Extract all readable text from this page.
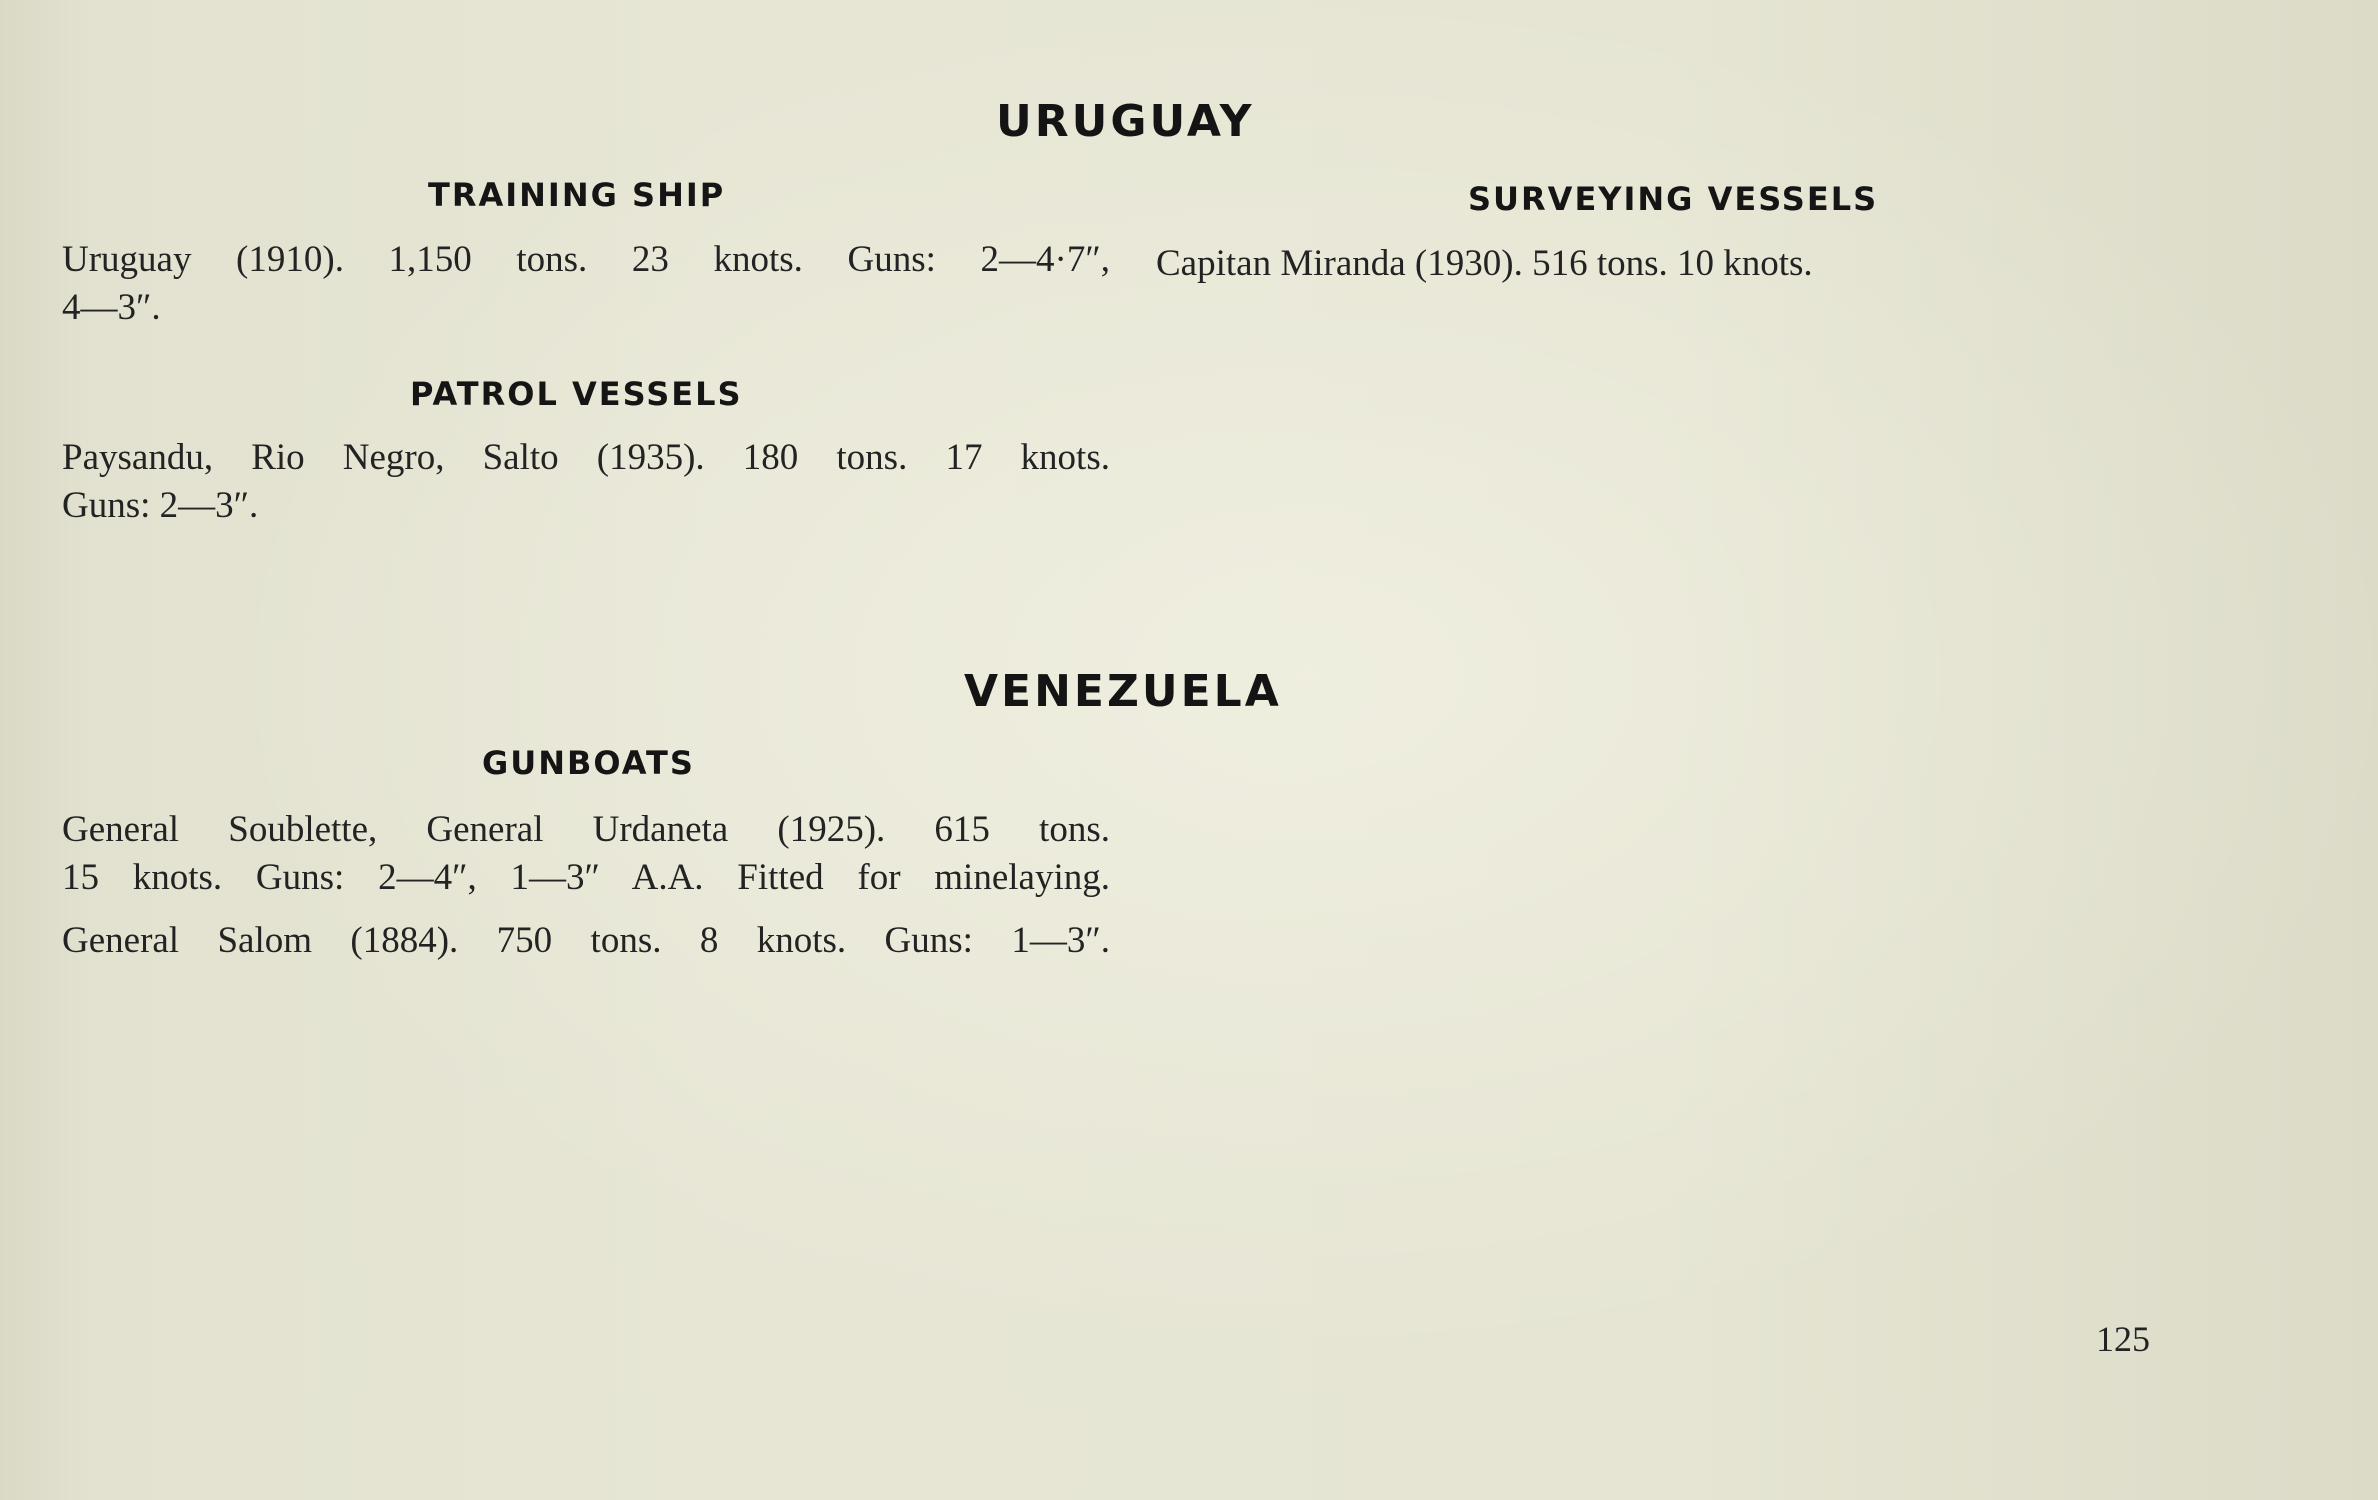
URUGUAY
TRAINING SHIP	SURVEYING VESSELS
Uruguay (1910). 1,150 tons. 23 knots. Guns: 2—4·7″,
4—3″.
Capitan Miranda (1930). 516 tons. 10 knots.
PATROL VESSELS
Paysandu, Rio Negro, Salto (1935). 180 tons. 17 knots.
Guns: 2—3″.
VENEZUELA
GUNBOATS
General Soublette, General Urdaneta (1925). 615 tons.
15 knots. Guns: 2—4″, 1—3″ A.A. Fitted for minelaying.
General Salom (1884). 750 tons. 8 knots. Guns: 1—3″.
125
